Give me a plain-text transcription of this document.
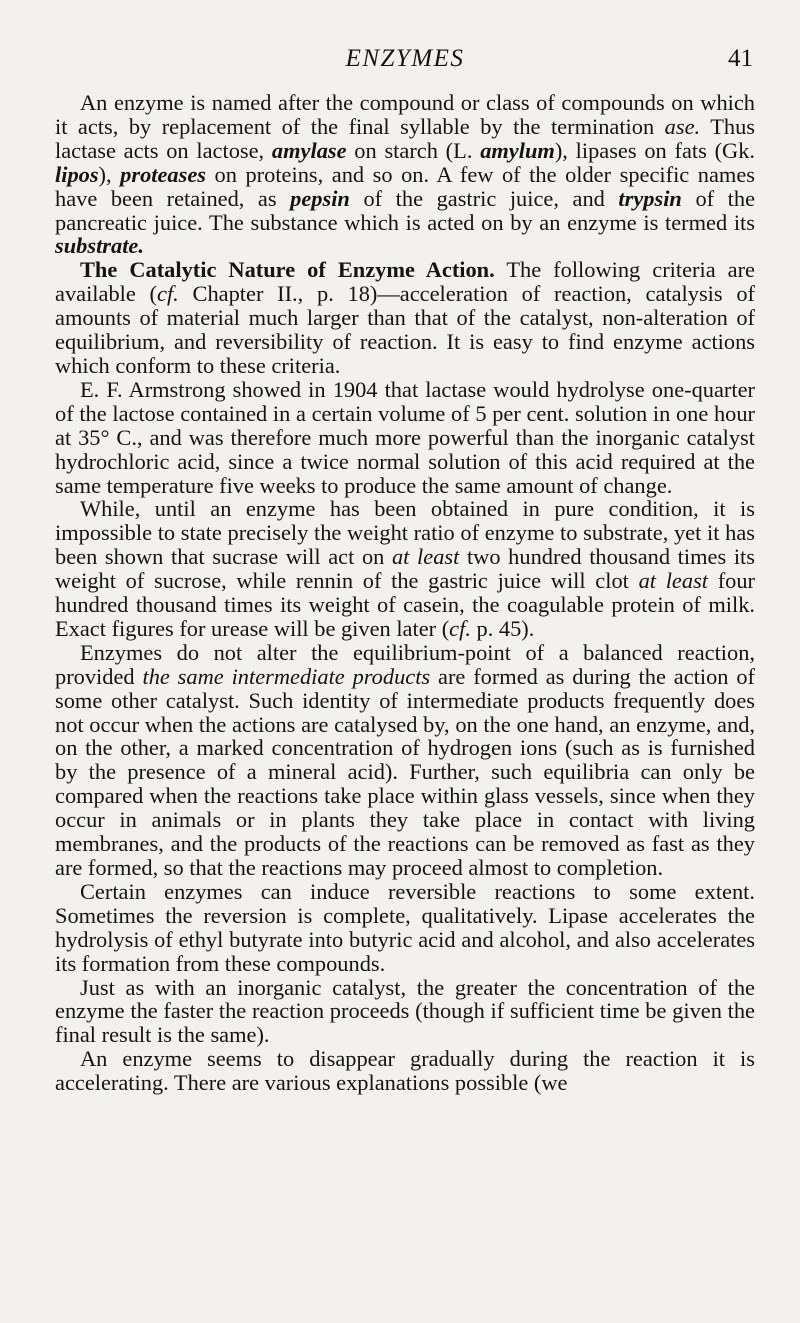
ENZYMES	41

An enzyme is named after the compound or class of compounds on which it acts, by replacement of the final syllable by the termination ase. Thus lactase acts on lactose, amylase on starch (L. amylum), lipases on fats (Gk. lipos), proteases on proteins, and so on. A few of the older specific names have been retained, as pepsin of the gastric juice, and trypsin of the pancreatic juice. The substance which is acted on by an enzyme is termed its substrate.

The Catalytic Nature of Enzyme Action. The following criteria are available (cf. Chapter II., p. 18)—acceleration of reaction, catalysis of amounts of material much larger than that of the catalyst, non-alteration of equilibrium, and reversibility of reaction. It is easy to find enzyme actions which conform to these criteria.

E. F. Armstrong showed in 1904 that lactase would hydrolyse one-quarter of the lactose contained in a certain volume of 5 per cent. solution in one hour at 35° C., and was therefore much more powerful than the inorganic catalyst hydrochloric acid, since a twice normal solution of this acid required at the same temperature five weeks to produce the same amount of change.

While, until an enzyme has been obtained in pure condition, it is impossible to state precisely the weight ratio of enzyme to substrate, yet it has been shown that sucrase will act on at least two hundred thousand times its weight of sucrose, while rennin of the gastric juice will clot at least four hundred thousand times its weight of casein, the coagulable protein of milk. Exact figures for urease will be given later (cf. p. 45).

Enzymes do not alter the equilibrium-point of a balanced reaction, provided the same intermediate products are formed as during the action of some other catalyst. Such identity of intermediate products frequently does not occur when the actions are catalysed by, on the one hand, an enzyme, and, on the other, a marked concentration of hydrogen ions (such as is furnished by the presence of a mineral acid). Further, such equilibria can only be compared when the reactions take place within glass vessels, since when they occur in animals or in plants they take place in contact with living membranes, and the products of the reactions can be removed as fast as they are formed, so that the reactions may proceed almost to completion.

Certain enzymes can induce reversible reactions to some extent. Sometimes the reversion is complete, qualitatively. Lipase accelerates the hydrolysis of ethyl butyrate into butyric acid and alcohol, and also accelerates its formation from these compounds.

Just as with an inorganic catalyst, the greater the concentration of the enzyme the faster the reaction proceeds (though if sufficient time be given the final result is the same).

An enzyme seems to disappear gradually during the reaction it is accelerating. There are various explanations possible (we
